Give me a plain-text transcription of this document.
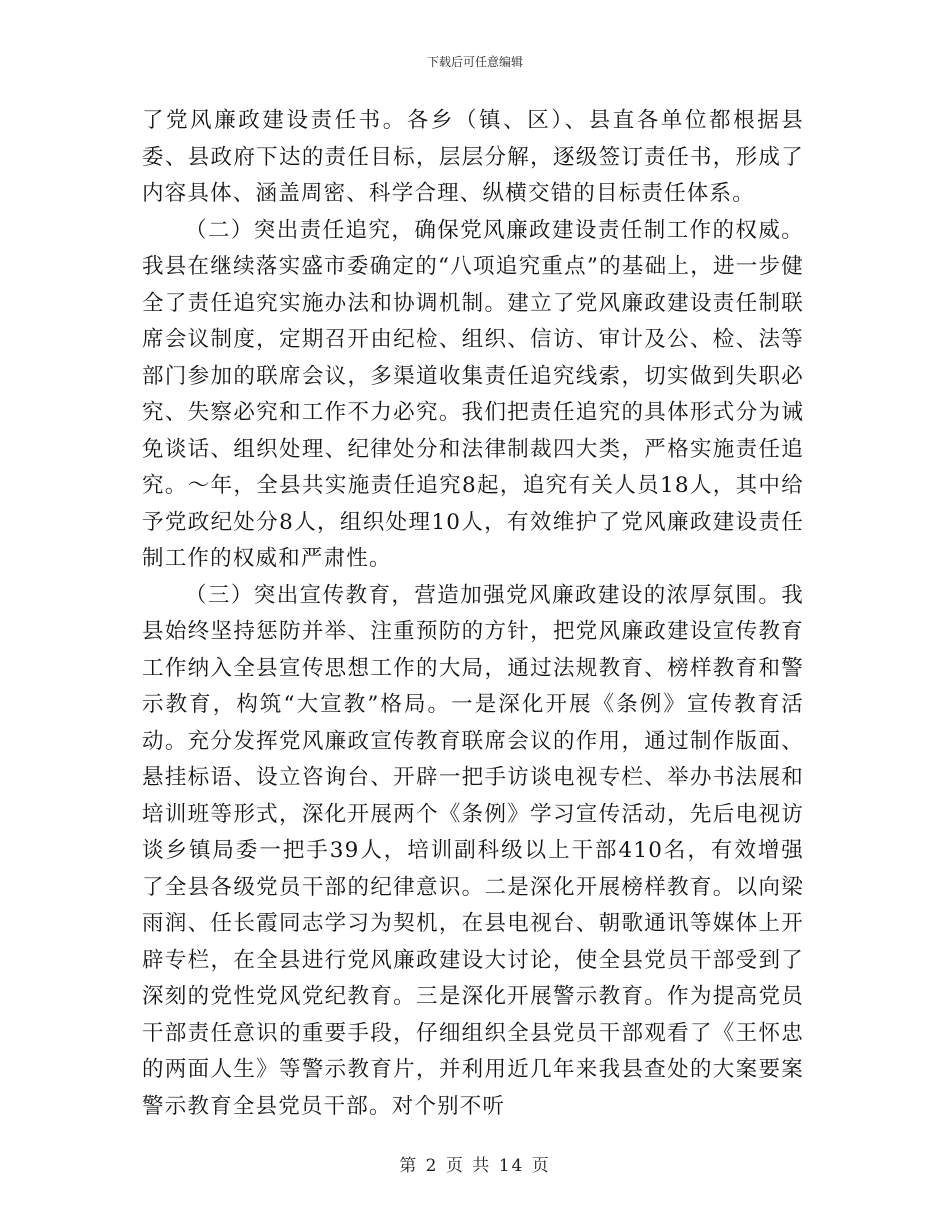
下载后可任意编辑

了党风廉政建设责任书。各乡（镇、区）、县直各单位都根据县委、县政府下达的责任目标，层层分解，逐级签订责任书，形成了内容具体、涵盖周密、科学合理、纵横交错的目标责任体系。

（二）突出责任追究，确保党风廉政建设责任制工作的权威。我县在继续落实盛市委确定的“八项追究重点”的基础上，进一步健全了责任追究实施办法和协调机制。建立了党风廉政建设责任制联席会议制度，定期召开由纪检、组织、信访、审计及公、检、法等部门参加的联席会议，多渠道收集责任追究线索，切实做到失职必究、失察必究和工作不力必究。我们把责任追究的具体形式分为诫免谈话、组织处理、纪律处分和法律制裁四大类，严格实施责任追究。～年，全县共实施责任追究8起，追究有关人员18人，其中给予党政纪处分8人，组织处理10人，有效维护了党风廉政建设责任制工作的权威和严肃性。

（三）突出宣传教育，营造加强党风廉政建设的浓厚氛围。我县始终坚持惩防并举、注重预防的方针，把党风廉政建设宣传教育工作纳入全县宣传思想工作的大局，通过法规教育、榜样教育和警示教育，构筑“大宣教”格局。一是深化开展《条例》宣传教育活动。充分发挥党风廉政宣传教育联席会议的作用，通过制作版面、悬挂标语、设立咨询台、开辟一把手访谈电视专栏、举办书法展和培训班等形式，深化开展两个《条例》学习宣传活动，先后电视访谈乡镇局委一把手39人，培训副科级以上干部410名，有效增强了全县各级党员干部的纪律意识。二是深化开展榜样教育。以向梁雨润、任长霞同志学习为契机，在县电视台、朝歌通讯等媒体上开辟专栏，在全县进行党风廉政建设大讨论，使全县党员干部受到了深刻的党性党风党纪教育。三是深化开展警示教育。作为提高党员干部责任意识的重要手段，仔细组织全县党员干部观看了《王怀忠的两面人生》等警示教育片，并利用近几年来我县查处的大案要案警示教育全县党员干部。对个别不听

第 2 页 共 14 页
